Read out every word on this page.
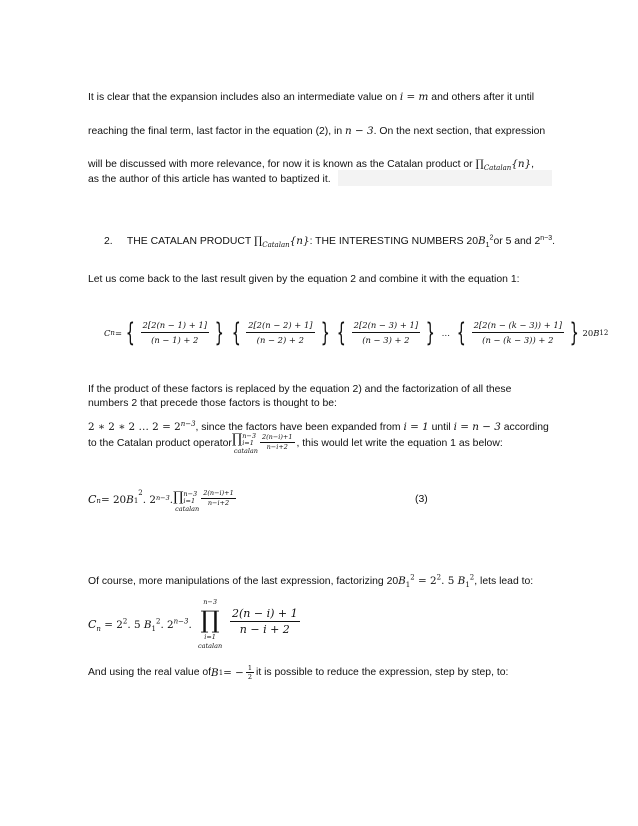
It is clear that the expansion includes also an intermediate value on i = m and others after it until
reaching the final term, last factor in the equation (2), in n − 3. On the next section, that expression
will be discussed with more relevance, for now it is known as the Catalan product or $\prod_{Catalan}\{n\}$,
as the author of this article has wanted to baptized it.
2. THE CATALAN PRODUCT $\prod_{Catalan}\{n\}$: THE INTERESTING NUMBERS $20B_1^2or$ 5 and $2^{n-3}$.
Let us come back to the last result given by the equation 2 and combine it with the equation 1:
C n = { $\frac{2[2(n - 1) + 1]}{(n - 1) + 2}$ } { $\frac{2[2(n - 2) + 1]}{(n - 2) + 2}$ } { $\frac{2[2(n - 3) + 1]}{(n - 3) + 2}$ } … { $\frac{2[2(n - (k - 3)) + 1]}{(n - (k - 3)) + 2}$ } 20 B 1 2
If the product of these factors is replaced by the equation 2) and the factorization of all these
numbers 2 that precede those factors is thought to be:
2 ∗ 2 ∗ 2 … $2 = 2^{n-3}$, since the factors have been expanded from i = 1 until i = n − 3 according
to the Catalan product operator ∏ n−3
i=1
catalan $\frac{2(n-i)+1}{n-i+2}$ , this would let write the equation 1 as below:
C n = 20 B 1
2
. 2 n−3 . ∏ n−3
i=1
catalan
$\frac{2(n-i)+1}{n-i+2}$	(3)
Of course, more manipulations of the last expression, factorizing $20B_1^2 = 2^2$. 5 $B_1^2$, lets lead to:
$C_n = 2^2$. 5 $B_1^2$. $2^{n-3}$.
n−3
∏
i=1
catalan
$\frac{2(n - i) + 1}{n - i + 2}$
And using the real value of B 1 = − $\frac{1}{2}$ it is possible to reduce the expression, step by step, to:
